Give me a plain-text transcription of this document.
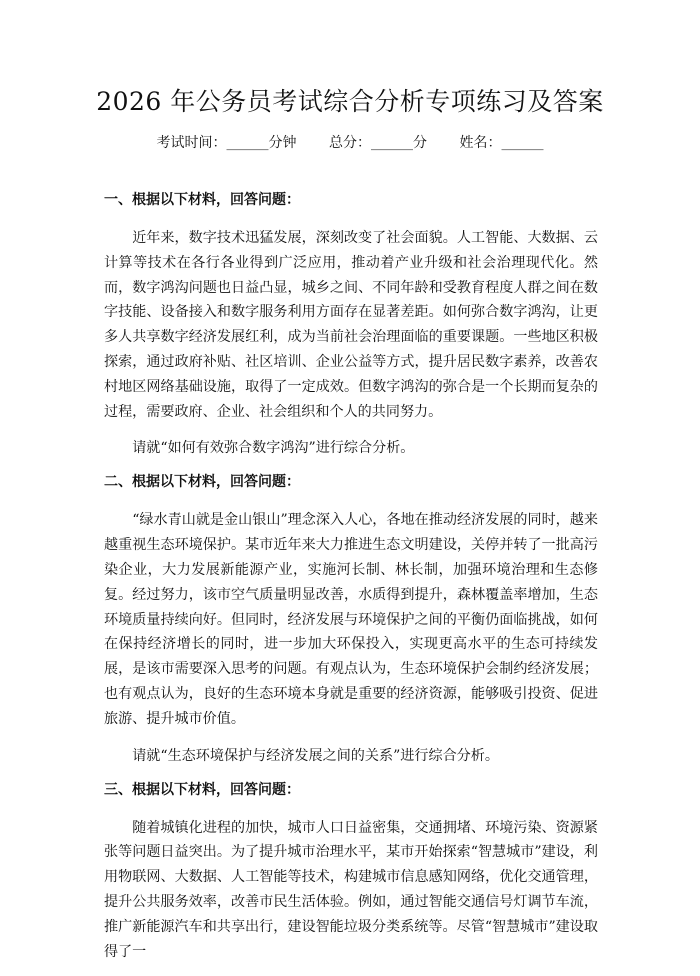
2026 年公务员考试综合分析专项练习及答案
考试时间：______分钟 总分：______分 姓名：______

一、根据以下材料，回答问题：

近年来，数字技术迅猛发展，深刻改变了社会面貌。人工智能、大数据、云计算等技术在各行各业得到广泛应用，推动着产业升级和社会治理现代化。然而，数字鸿沟问题也日益凸显，城乡之间、不同年龄和受教育程度人群之间在数字技能、设备接入和数字服务利用方面存在显著差距。如何弥合数字鸿沟，让更多人共享数字经济发展红利，成为当前社会治理面临的重要课题。一些地区积极探索，通过政府补贴、社区培训、企业公益等方式，提升居民数字素养，改善农村地区网络基础设施，取得了一定成效。但数字鸿沟的弥合是一个长期而复杂的过程，需要政府、企业、社会组织和个人的共同努力。

请就“如何有效弥合数字鸿沟”进行综合分析。

二、根据以下材料，回答问题：

“绿水青山就是金山银山”理念深入人心，各地在推动经济发展的同时，越来越重视生态环境保护。某市近年来大力推进生态文明建设，关停并转了一批高污染企业，大力发展新能源产业，实施河长制、林长制，加强环境治理和生态修复。经过努力，该市空气质量明显改善，水质得到提升，森林覆盖率增加，生态环境质量持续向好。但同时，经济发展与环境保护之间的平衡仍面临挑战，如何在保持经济增长的同时，进一步加大环保投入，实现更高水平的生态可持续发展，是该市需要深入思考的问题。有观点认为，生态环境保护会制约经济发展；也有观点认为，良好的生态环境本身就是重要的经济资源，能够吸引投资、促进旅游、提升城市价值。

请就“生态环境保护与经济发展之间的关系”进行综合分析。

三、根据以下材料，回答问题：

随着城镇化进程的加快，城市人口日益密集，交通拥堵、环境污染、资源紧张等问题日益突出。为了提升城市治理水平，某市开始探索“智慧城市”建设，利用物联网、大数据、人工智能等技术，构建城市信息感知网络，优化交通管理，提升公共服务效率，改善市民生活体验。例如，通过智能交通信号灯调节车流，推广新能源汽车和共享出行，建设智能垃圾分类系统等。尽管“智慧城市”建设取得了一
